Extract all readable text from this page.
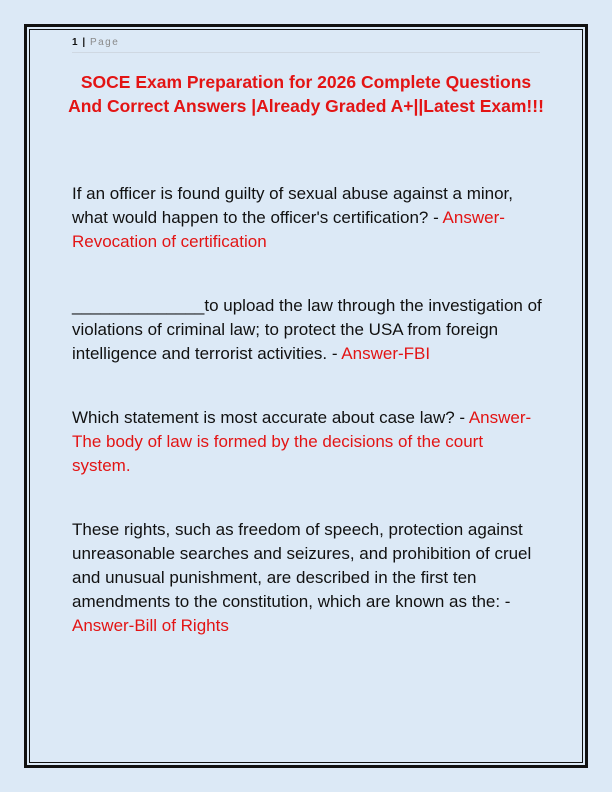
1 | Page
SOCE Exam Preparation for 2026 Complete Questions And Correct Answers |Already Graded A+||Latest Exam!!!

If an officer is found guilty of sexual abuse against a minor, what would happen to the officer's certification? - Answer-Revocation of certification

______________to upload the law through the investigation of violations of criminal law; to protect the USA from foreign intelligence and terrorist activities. - Answer-FBI

Which statement is most accurate about case law? - Answer-The body of law is formed by the decisions of the court system.

These rights, such as freedom of speech, protection against unreasonable searches and seizures, and prohibition of cruel and unusual punishment, are described in the first ten amendments to the constitution, which are known as the: - Answer-Bill of Rights
